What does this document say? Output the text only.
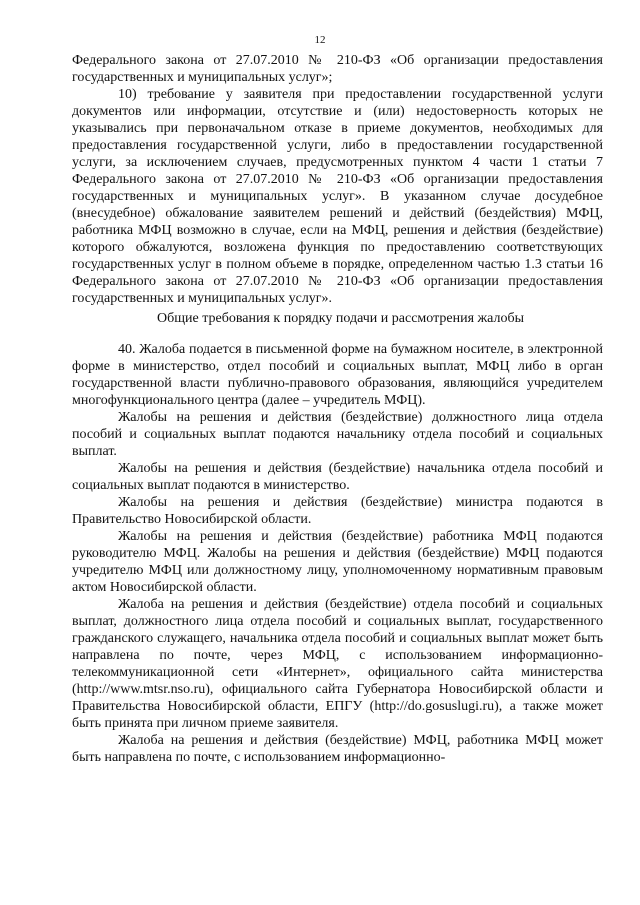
12

Федерального закона от 27.07.2010 № 210-ФЗ «Об организации предоставления государственных и муниципальных услуг»;

10) требование у заявителя при предоставлении государственной услуги документов или информации, отсутствие и (или) недостоверность которых не указывались при первоначальном отказе в приеме документов, необходимых для предоставления государственной услуги, либо в предоставлении государственной услуги, за исключением случаев, предусмотренных пунктом 4 части 1 статьи 7 Федерального закона от 27.07.2010 № 210-ФЗ «Об организации предоставления государственных и муниципальных услуг». В указанном случае досудебное (внесудебное) обжалование заявителем решений и действий (бездействия) МФЦ, работника МФЦ возможно в случае, если на МФЦ, решения и действия (бездействие) которого обжалуются, возложена функция по предоставлению соответствующих государственных услуг в полном объеме в порядке, определенном частью 1.3 статьи 16 Федерального закона от 27.07.2010 № 210-ФЗ «Об организации предоставления государственных и муниципальных услуг».

Общие требования к порядку подачи и рассмотрения жалобы

40. Жалоба подается в письменной форме на бумажном носителе, в электронной форме в министерство, отдел пособий и социальных выплат, МФЦ либо в орган государственной власти публично-правового образования, являющийся учредителем многофункционального центра (далее – учредитель МФЦ).

Жалобы на решения и действия (бездействие) должностного лица отдела пособий и социальных выплат подаются начальнику отдела пособий и социальных выплат.

Жалобы на решения и действия (бездействие) начальника отдела пособий и социальных выплат подаются в министерство.

Жалобы на решения и действия (бездействие) министра подаются в Правительство Новосибирской области.

Жалобы на решения и действия (бездействие) работника МФЦ подаются руководителю МФЦ. Жалобы на решения и действия (бездействие) МФЦ подаются учредителю МФЦ или должностному лицу, уполномоченному нормативным правовым актом Новосибирской области.

Жалоба на решения и действия (бездействие) отдела пособий и социальных выплат, должностного лица отдела пособий и социальных выплат, государственного гражданского служащего, начальника отдела пособий и социальных выплат может быть направлена по почте, через МФЦ, с использованием информационно-телекоммуникационной сети «Интернет», официального сайта министерства (http://www.mtsr.nso.ru), официального сайта Губернатора Новосибирской области и Правительства Новосибирской области, ЕПГУ (http://do.gosuslugi.ru), а также может быть принята при личном приеме заявителя.

Жалоба на решения и действия (бездействие) МФЦ, работника МФЦ может быть направлена по почте, с использованием информационно-
